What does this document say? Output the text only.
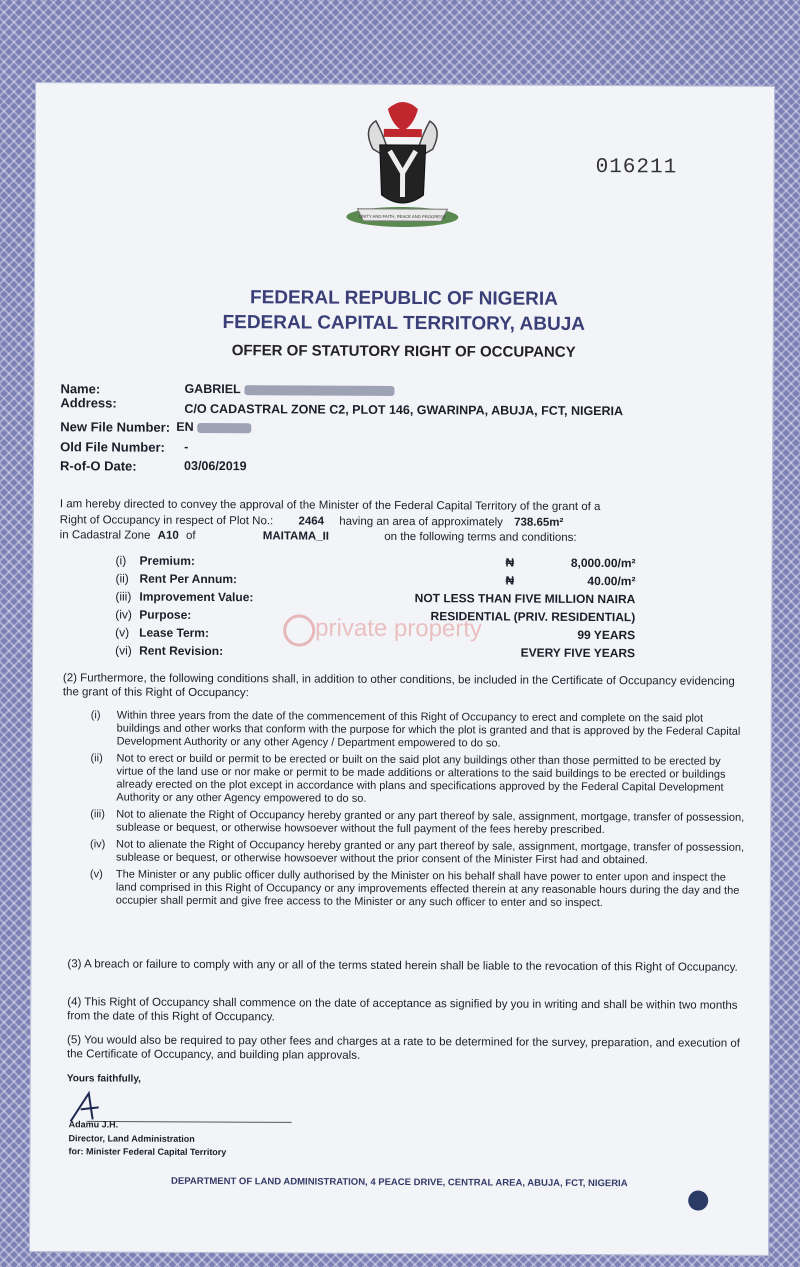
UNITY AND FAITH, PEACE AND PROGRESS
016211
FEDERAL REPUBLIC OF NIGERIA
FEDERAL CAPITAL TERRITORY, ABUJA
OFFER OF STATUTORY RIGHT OF OCCUPANCY
Name:	GABRIEL
Address:	C/O CADASTRAL ZONE C2, PLOT 146, GWARINPA, ABUJA, FCT, NIGERIA
New File Number: EN
Old File Number: -
R-of-O Date:	03/06/2019
I am hereby directed to convey the approval of the Minister of the Federal Capital Territory of the grant of a
Right of Occupancy in respect of Plot No.: 2464 having an area of approximately 738.65m²
in Cadastral Zone A10 of	MAITAMA_II	on the following terms and conditions:
(i) Premium:	₦	8,000.00/m²
(ii) Rent Per Annum:	₦	40.00/m²
(iii) Improvement Value:	NOT LESS THAN FIVE MILLION NAIRA
(iv) Purpose:	RESIDENTIAL (PRIV. RESIDENTIAL)
(v) Lease Term:	99 YEARS
(vi) Rent Revision:	EVERY FIVE YEARS
private property
(2) Furthermore, the following conditions shall, in addition to other conditions, be included in the Certificate of Occupancy evidencing the grant of this Right of Occupancy:
(i)	Within three years from the date of the commencement of this Right of Occupancy to erect and complete on the said plot buildings and other works that conform with the purpose for which the plot is granted and that is approved by the Federal Capital Development Authority or any other Agency / Department empowered to do so.
(ii)	Not to erect or build or permit to be erected or built on the said plot any buildings other than those permitted to be erected by virtue of the land use or nor make or permit to be made additions or alterations to the said buildings to be erected or buildings already erected on the plot except in accordance with plans and specifications approved by the Federal Capital Development Authority or any other Agency empowered to do so.
(iii)	Not to alienate the Right of Occupancy hereby granted or any part thereof by sale, assignment, mortgage, transfer of possession, sublease or bequest, or otherwise howsoever without the full payment of the fees hereby prescribed.
(iv) Not to alienate the Right of Occupancy hereby granted or any part thereof by sale, assignment, mortgage, transfer of possession, sublease or bequest, or otherwise howsoever without the prior consent of the Minister First had and obtained.
(v)	The Minister or any public officer dully authorised by the Minister on his behalf shall have power to enter upon and inspect the land comprised in this Right of Occupancy or any improvements effected therein at any reasonable hours during the day and the occupier shall permit and give free access to the Minister or any such officer to enter and so inspect.
(3) A breach or failure to comply with any or all of the terms stated herein shall be liable to the revocation of this Right of Occupancy.
(4) This Right of Occupancy shall commence on the date of acceptance as signified by you in writing and shall be within two months from the date of this Right of Occupancy.
(5) You would also be required to pay other fees and charges at a rate to be determined for the survey, preparation, and execution of the Certificate of Occupancy, and building plan approvals.
Yours faithfully,
Adamu J.H.
Director, Land Administration
for: Minister Federal Capital Territory
DEPARTMENT OF LAND ADMINISTRATION, 4 PEACE DRIVE, CENTRAL AREA, ABUJA, FCT, NIGERIA
